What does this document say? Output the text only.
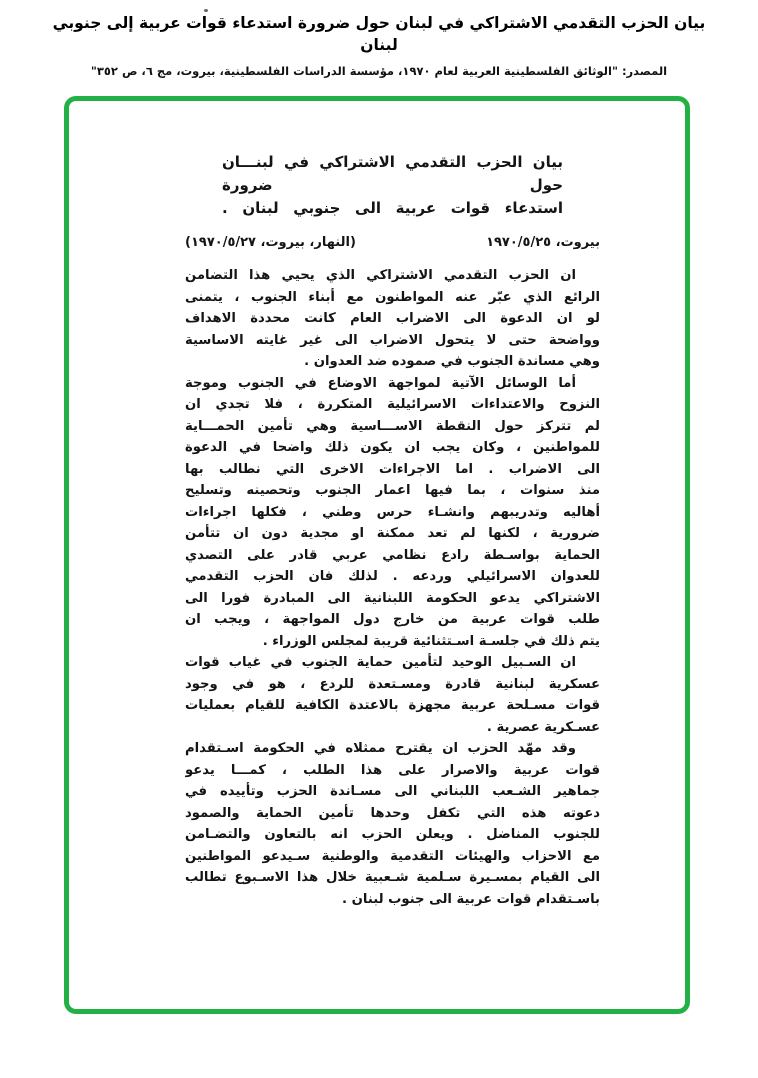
بيان الحزب التقدمي الاشتراكي في لبنان حول ضرورة استدعاء قوات عربية إلى جنوبي لبنان
المصدر: "الوثائق الفلسطينية العربية لعام ١٩٧٠، مؤسسة الدراسات الفلسطينية، بيروت، مج ٦، ص ٣٥٢"
بيان الحزب التقدمي الاشتراكي في لبنـــان حول ضرورة
استدعاء قوات عربية الى جنوبي لبنان .
بيروت، ١٩٧٠/٥/٢٥
(النهار، بيروت، ١٩٧٠/٥/٢٧)
ان الحزب التقدمي الاشتراكي الذي يحيي هذا التضامن
الرائع الذي عبّر عنه المواطنون مع أبناء الجنوب ، يتمنى
لو ان الدعوة الى الاضراب العام كانت محددة الاهداف
وواضحة حتى لا يتحول الاضراب الى غير غايته الاساسية
وهي مساندة الجنوب في صموده ضد العدوان .
أما الوسائل الآتية لمواجهة الاوضاع في الجنوب وموجة
النزوح والاعتداءات الاسرائيلية المتكررة ، فلا تجدي ان
لم تتركز حول النقطة الاســـاسية وهي تأمين الحمـــاية
للمواطنين ، وكان يجب ان يكون ذلك واضحا في الدعوة
الى الاضراب . اما الاجراءات الاخرى التي نطالب بها
منذ سنوات ، بما فيها اعمار الجنوب وتحصينه وتسليح
أهاليه وتدريبهم وانشـاء حرس وطني ، فكلها اجراءات
ضرورية ، لكنها لم تعد ممكنة او مجدية دون ان تتأمن
الحماية بواسـطة رادع نظامي عربي قادر على التصدي
للعدوان الاسرائيلي وردعه . لذلك فان الحزب التقدمي
الاشتراكي يدعو الحكومة اللبنانية الى المبادرة فورا الى
طلب قوات عربية من خارج دول المواجهة ، ويجب ان
يتم ذلك في جلسـة اسـتثنائية قريبة لمجلس الوزراء .
ان السـبيل الوحيد لتأمين حماية الجنوب في غياب قوات
عسكرية لبنانية قادرة ومسـتعدة للردع ، هو في وجود
قوات مسـلحة عربية مجهزة بالاعتدة الكافية للقيام بعمليات
عسـكرية عصرية .
وقد مهّد الحزب ان يقترح ممثلاه في الحكومة اسـتقدام
قوات عربية والاصرار على هذا الطلب ، كمـــا يدعو
جماهير الشـعب اللبناني الى مسـاندة الحزب وتأييده في
دعوته هذه التي تكفل وحدها تأمين الحماية والصمود
للجنوب المناضل . ويعلن الحزب انه بالتعاون والتضـامن
مع الاحزاب والهيئات التقدمية والوطنية سـيدعو المواطنين
الى القيام بمسـيرة سـلمية شـعبية خلال هذا الاسـبوع تطالب
باسـتقدام قوات عربية الى جنوب لبنان .
